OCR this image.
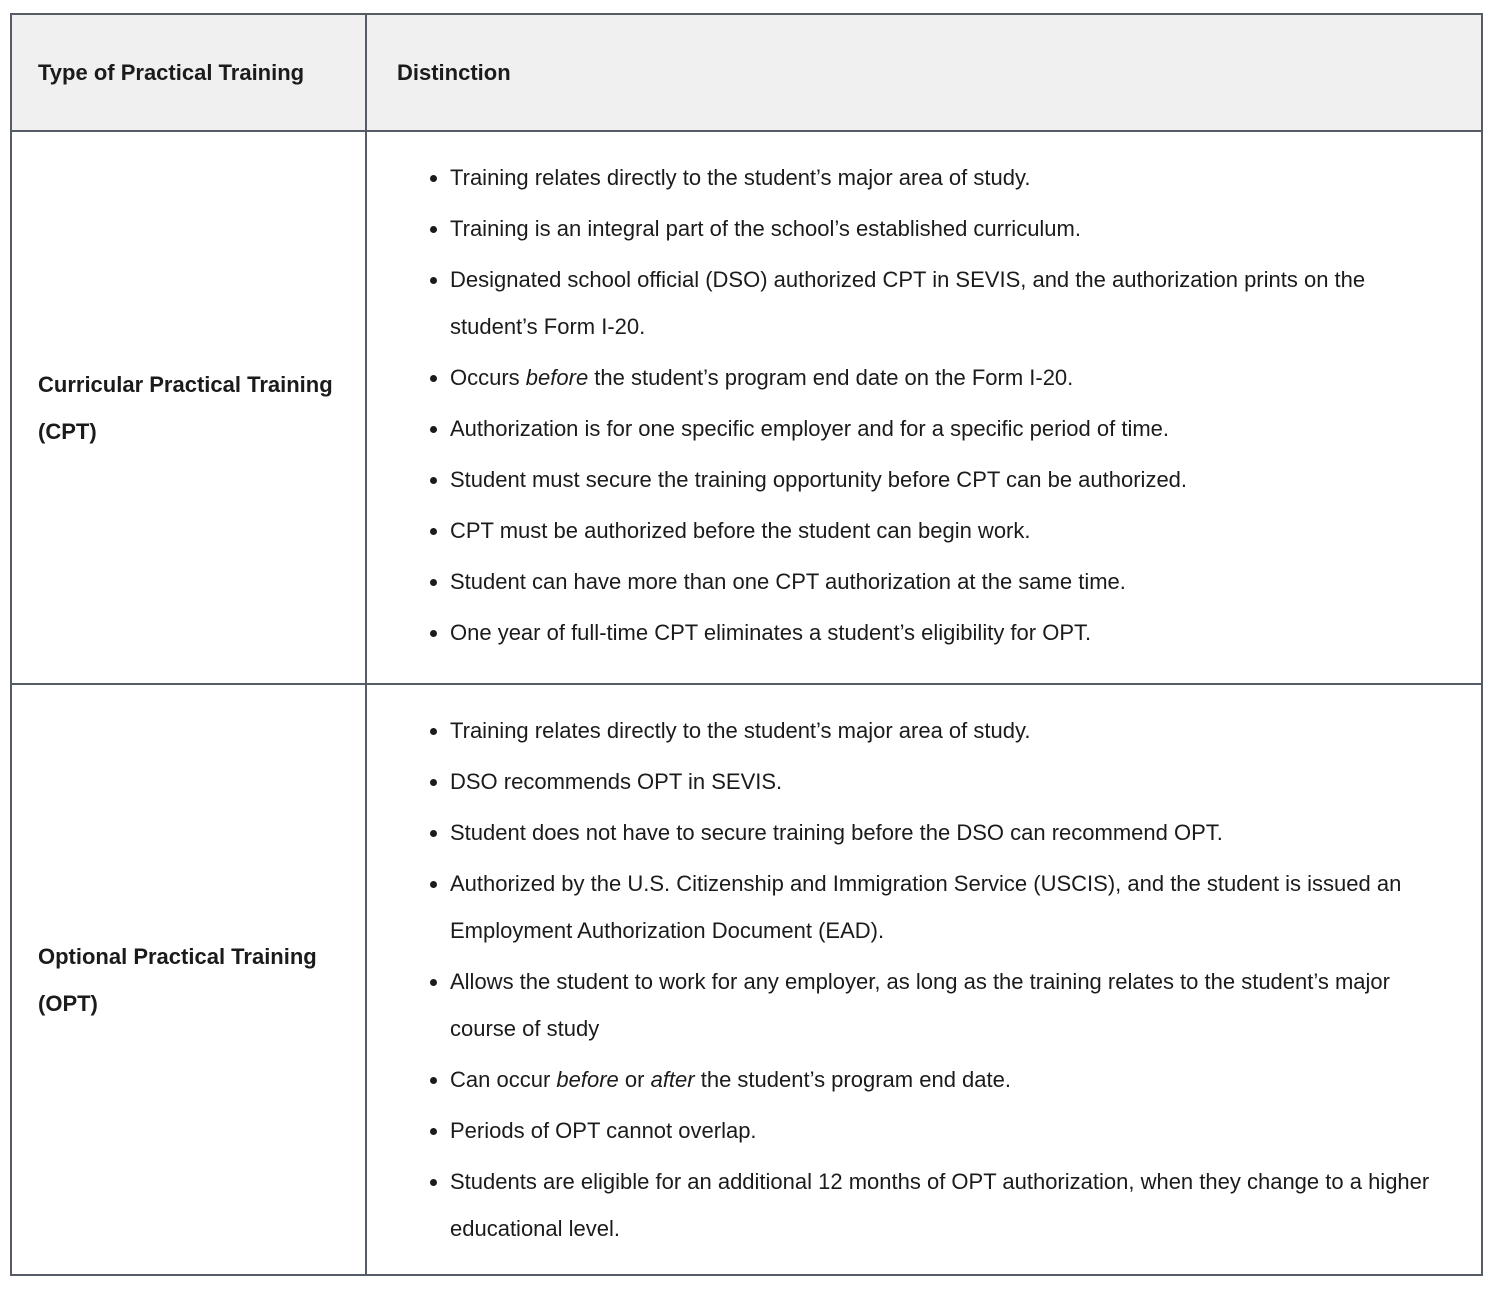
Type of Practical Training	Distinction
Curricular Practical Training (CPT)	
• Training relates directly to the student’s major area of study.
• Training is an integral part of the school’s established curriculum.
• Designated school official (DSO) authorized CPT in SEVIS, and the authorization prints on the student’s Form I-20.
• Occurs before the student’s program end date on the Form I-20.
• Authorization is for one specific employer and for a specific period of time.
• Student must secure the training opportunity before CPT can be authorized.
• CPT must be authorized before the student can begin work.
• Student can have more than one CPT authorization at the same time.
• One year of full-time CPT eliminates a student’s eligibility for OPT.

Optional Practical Training (OPT)	
• Training relates directly to the student’s major area of study.
• DSO recommends OPT in SEVIS.
• Student does not have to secure training before the DSO can recommend OPT.
• Authorized by the U.S. Citizenship and Immigration Service (USCIS), and the student is issued an Employment Authorization Document (EAD).
• Allows the student to work for any employer, as long as the training relates to the student’s major course of study
• Can occur before or after the student’s program end date.
• Periods of OPT cannot overlap.
• Students are eligible for an additional 12 months of OPT authorization, when they change to a higher educational level.
